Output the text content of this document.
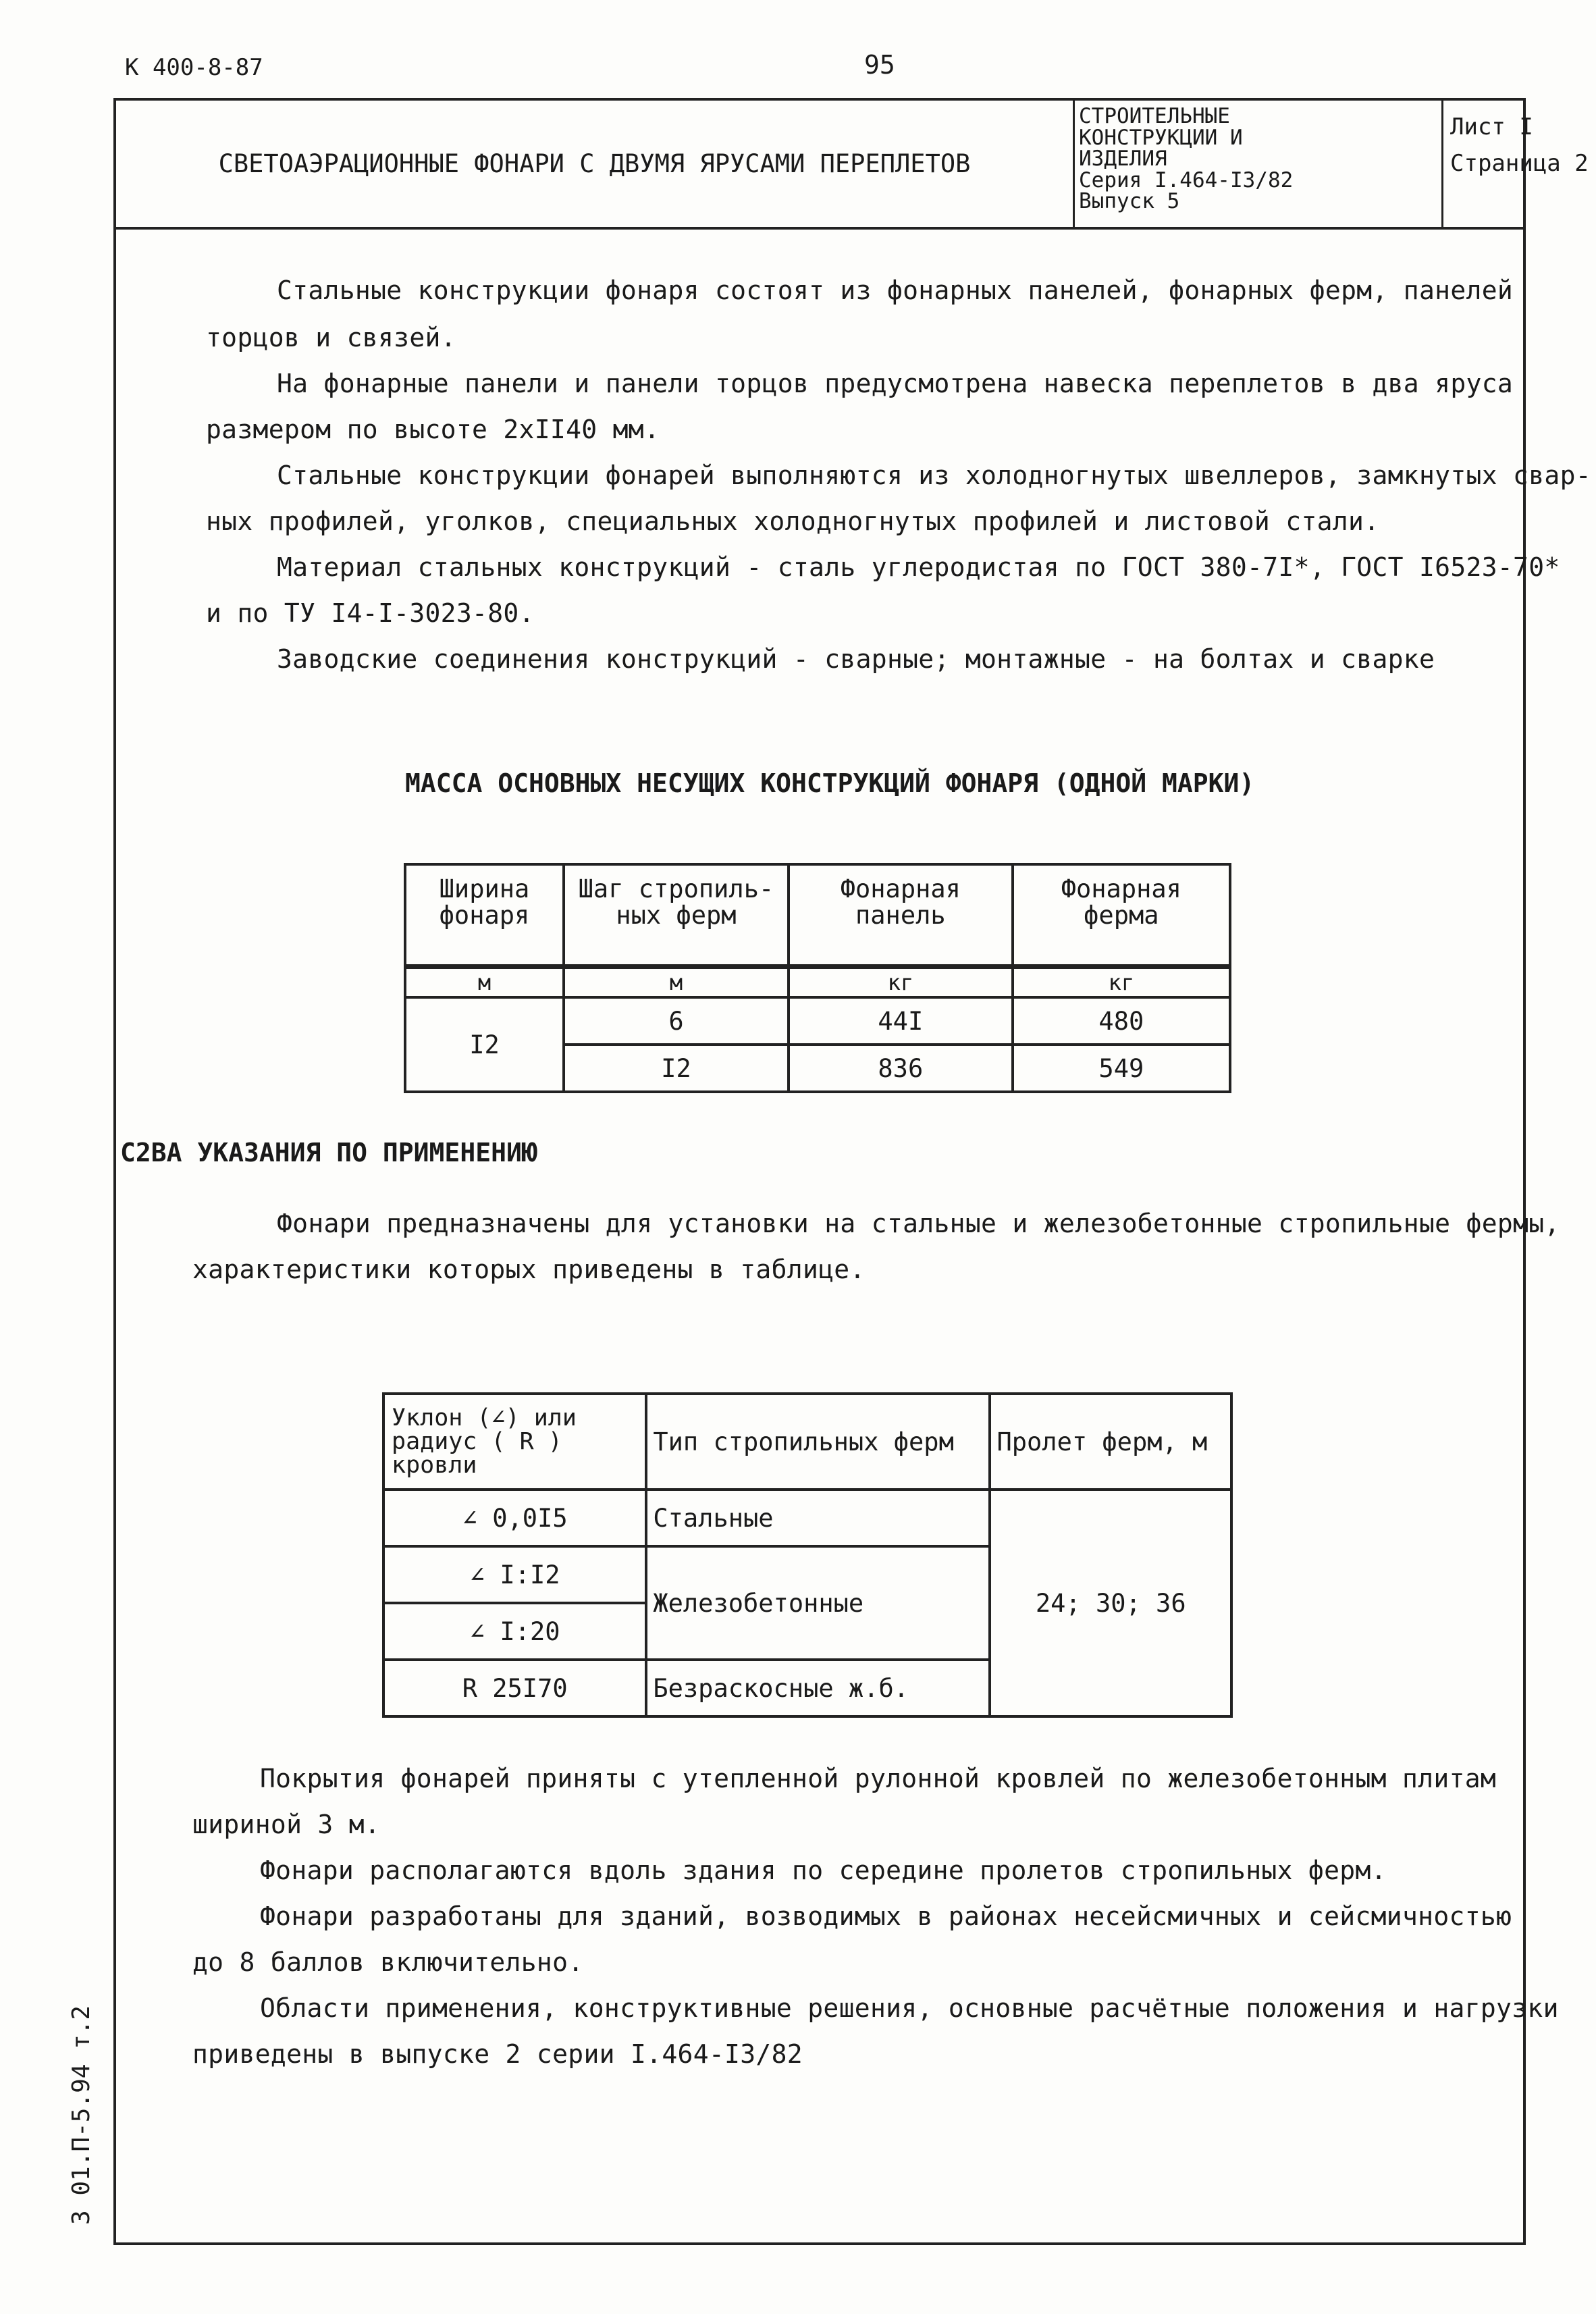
К 400-8-87	95
СВЕТОАЭРАЦИОННЫЕ ФОНАРИ С ДВУМЯ ЯРУСАМИ ПЕРЕПЛЕТОВ
СТРОИТЕЛЬНЫЕ
КОНСТРУКЦИИ И
ИЗДЕЛИЯ
Серия I.464-I3/82
Выпуск 5
Лист I
Страница 2
Стальные конструкции фонаря состоят из фонарных панелей, фонарных ферм, панелей
торцов и связей.
На фонарные панели и панели торцов предусмотрена навеска переплетов в два яруса
размером по высоте 2хII40 мм.
Стальные конструкции фонарей выполняются из холодногнутых швеллеров, замкнутых свар-
ных профилей, уголков, специальных холодногнутых профилей и листовой стали.
Материал стальных конструкций - сталь углеродистая по ГОСТ 380-7I*, ГОСТ I6523-70*
и по ТУ I4-I-3023-80.
Заводские соединения конструкций - сварные; монтажные - на болтах и сварке
МАССА ОСНОВНЫХ НЕСУЩИХ КОНСТРУКЦИЙ ФОНАРЯ (ОДНОЙ МАРКИ)
Ширина фонаря	Шаг стропиль-ных ферм	Фонарная панель	Фонарная ферма
м	м	кг	кг
I2	6	44I	480
	I2	836	549
С2ВА УКАЗАНИЯ ПО ПРИМЕНЕНИЮ
Фонари предназначены для установки на стальные и железобетонные стропильные фермы,
характеристики которых приведены в таблице.
Уклон (∠) или радиус ( R ) кровли	Тип стропильных ферм	Пролет ферм, м
∠ 0,0I5	Стальные	24; 30; 36
∠ I:I2	Железобетонные	
∠ I:20		
R 25I70	Безраскосные ж.б.	
Покрытия фонарей приняты с утепленной рулонной кровлей по железобетонным плитам
шириной 3 м.
Фонари располагаются вдоль здания по середине пролетов стропильных ферм.
Фонари разработаны для зданий, возводимых в районах несейсмичных и сейсмичностью
до 8 баллов включительно.
Области применения, конструктивные решения, основные расчётные положения и нагрузки
приведены в выпуске 2 серии I.464-I3/82
3 01.П-5.94 т.2
